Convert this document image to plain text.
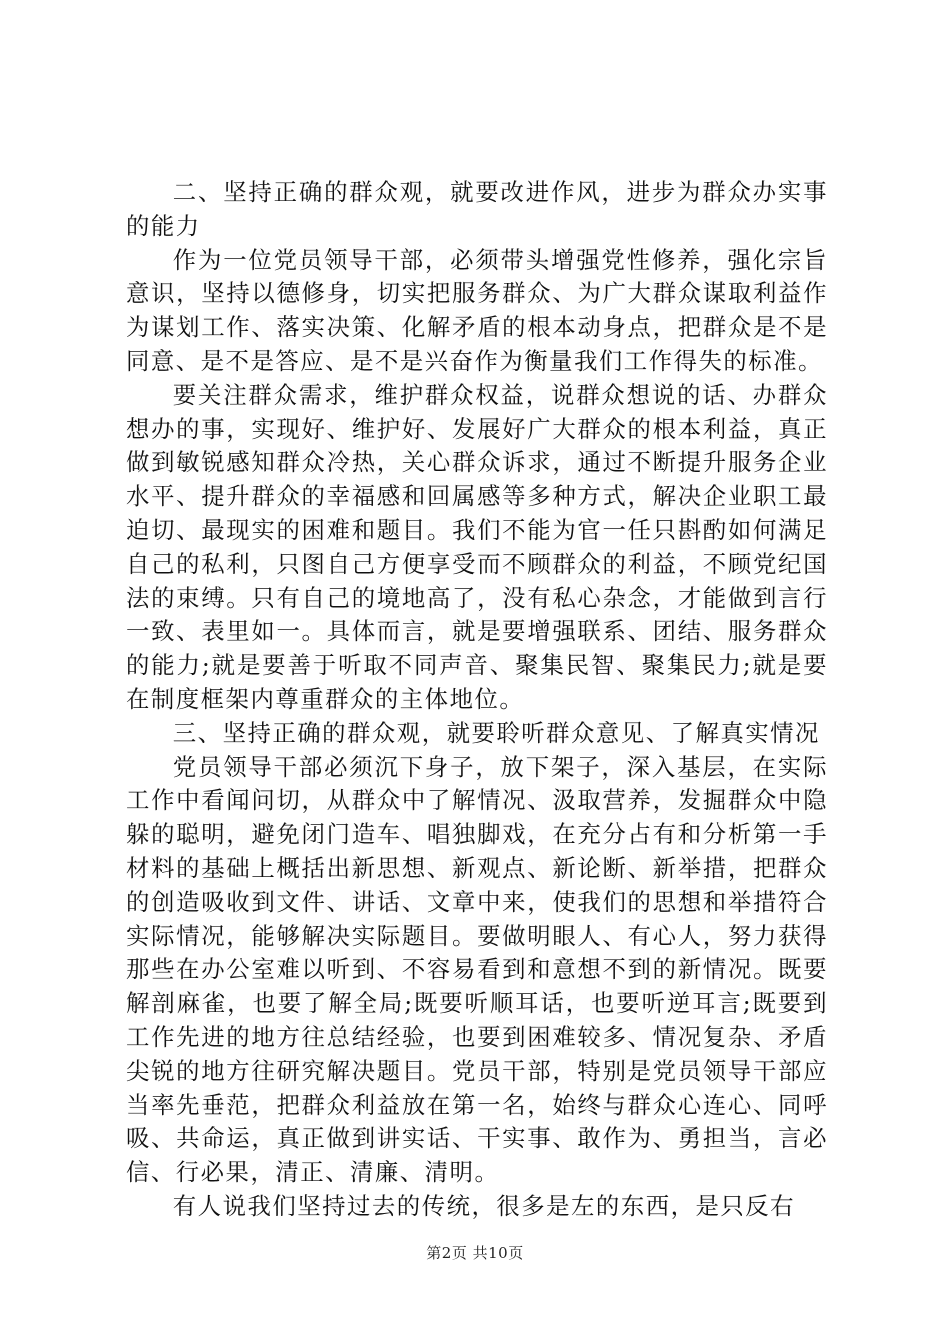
二、坚持正确的群众观，就要改进作风，进步为群众办实事的能力

作为一位党员领导干部，必须带头增强党性修养，强化宗旨意识，坚持以德修身，切实把服务群众、为广大群众谋取利益作为谋划工作、落实决策、化解矛盾的根本动身点，把群众是不是同意、是不是答应、是不是兴奋作为衡量我们工作得失的标准。

要关注群众需求，维护群众权益，说群众想说的话、办群众想办的事，实现好、维护好、发展好广大群众的根本利益，真正做到敏锐感知群众冷热，关心群众诉求，通过不断提升服务企业水平、提升群众的幸福感和回属感等多种方式，解决企业职工最迫切、最现实的困难和题目。我们不能为官一任只斟酌如何满足自己的私利，只图自己方便享受而不顾群众的利益，不顾党纪国法的束缚。只有自己的境地高了，没有私心杂念，才能做到言行一致、表里如一。具体而言，就是要增强联系、团结、服务群众的能力;就是要善于听取不同声音、聚集民智、聚集民力;就是要在制度框架内尊重群众的主体地位。

三、坚持正确的群众观，就要聆听群众意见、了解真实情况

党员领导干部必须沉下身子，放下架子，深入基层，在实际工作中看闻问切，从群众中了解情况、汲取营养，发掘群众中隐躲的聪明，避免闭门造车、唱独脚戏，在充分占有和分析第一手材料的基础上概括出新思想、新观点、新论断、新举措，把群众的创造吸收到文件、讲话、文章中来，使我们的思想和举措符合实际情况，能够解决实际题目。要做明眼人、有心人，努力获得那些在办公室难以听到、不容易看到和意想不到的新情况。既要解剖麻雀，也要了解全局;既要听顺耳话，也要听逆耳言;既要到工作先进的地方往总结经验，也要到困难较多、情况复杂、矛盾尖锐的地方往研究解决题目。党员干部，特别是党员领导干部应当率先垂范，把群众利益放在第一名，始终与群众心连心、同呼吸、共命运，真正做到讲实话、干实事、敢作为、勇担当，言必信、行必果，清正、清廉、清明。

有人说我们坚持过去的传统，很多是左的东西，是只反右

第2页 共10页
